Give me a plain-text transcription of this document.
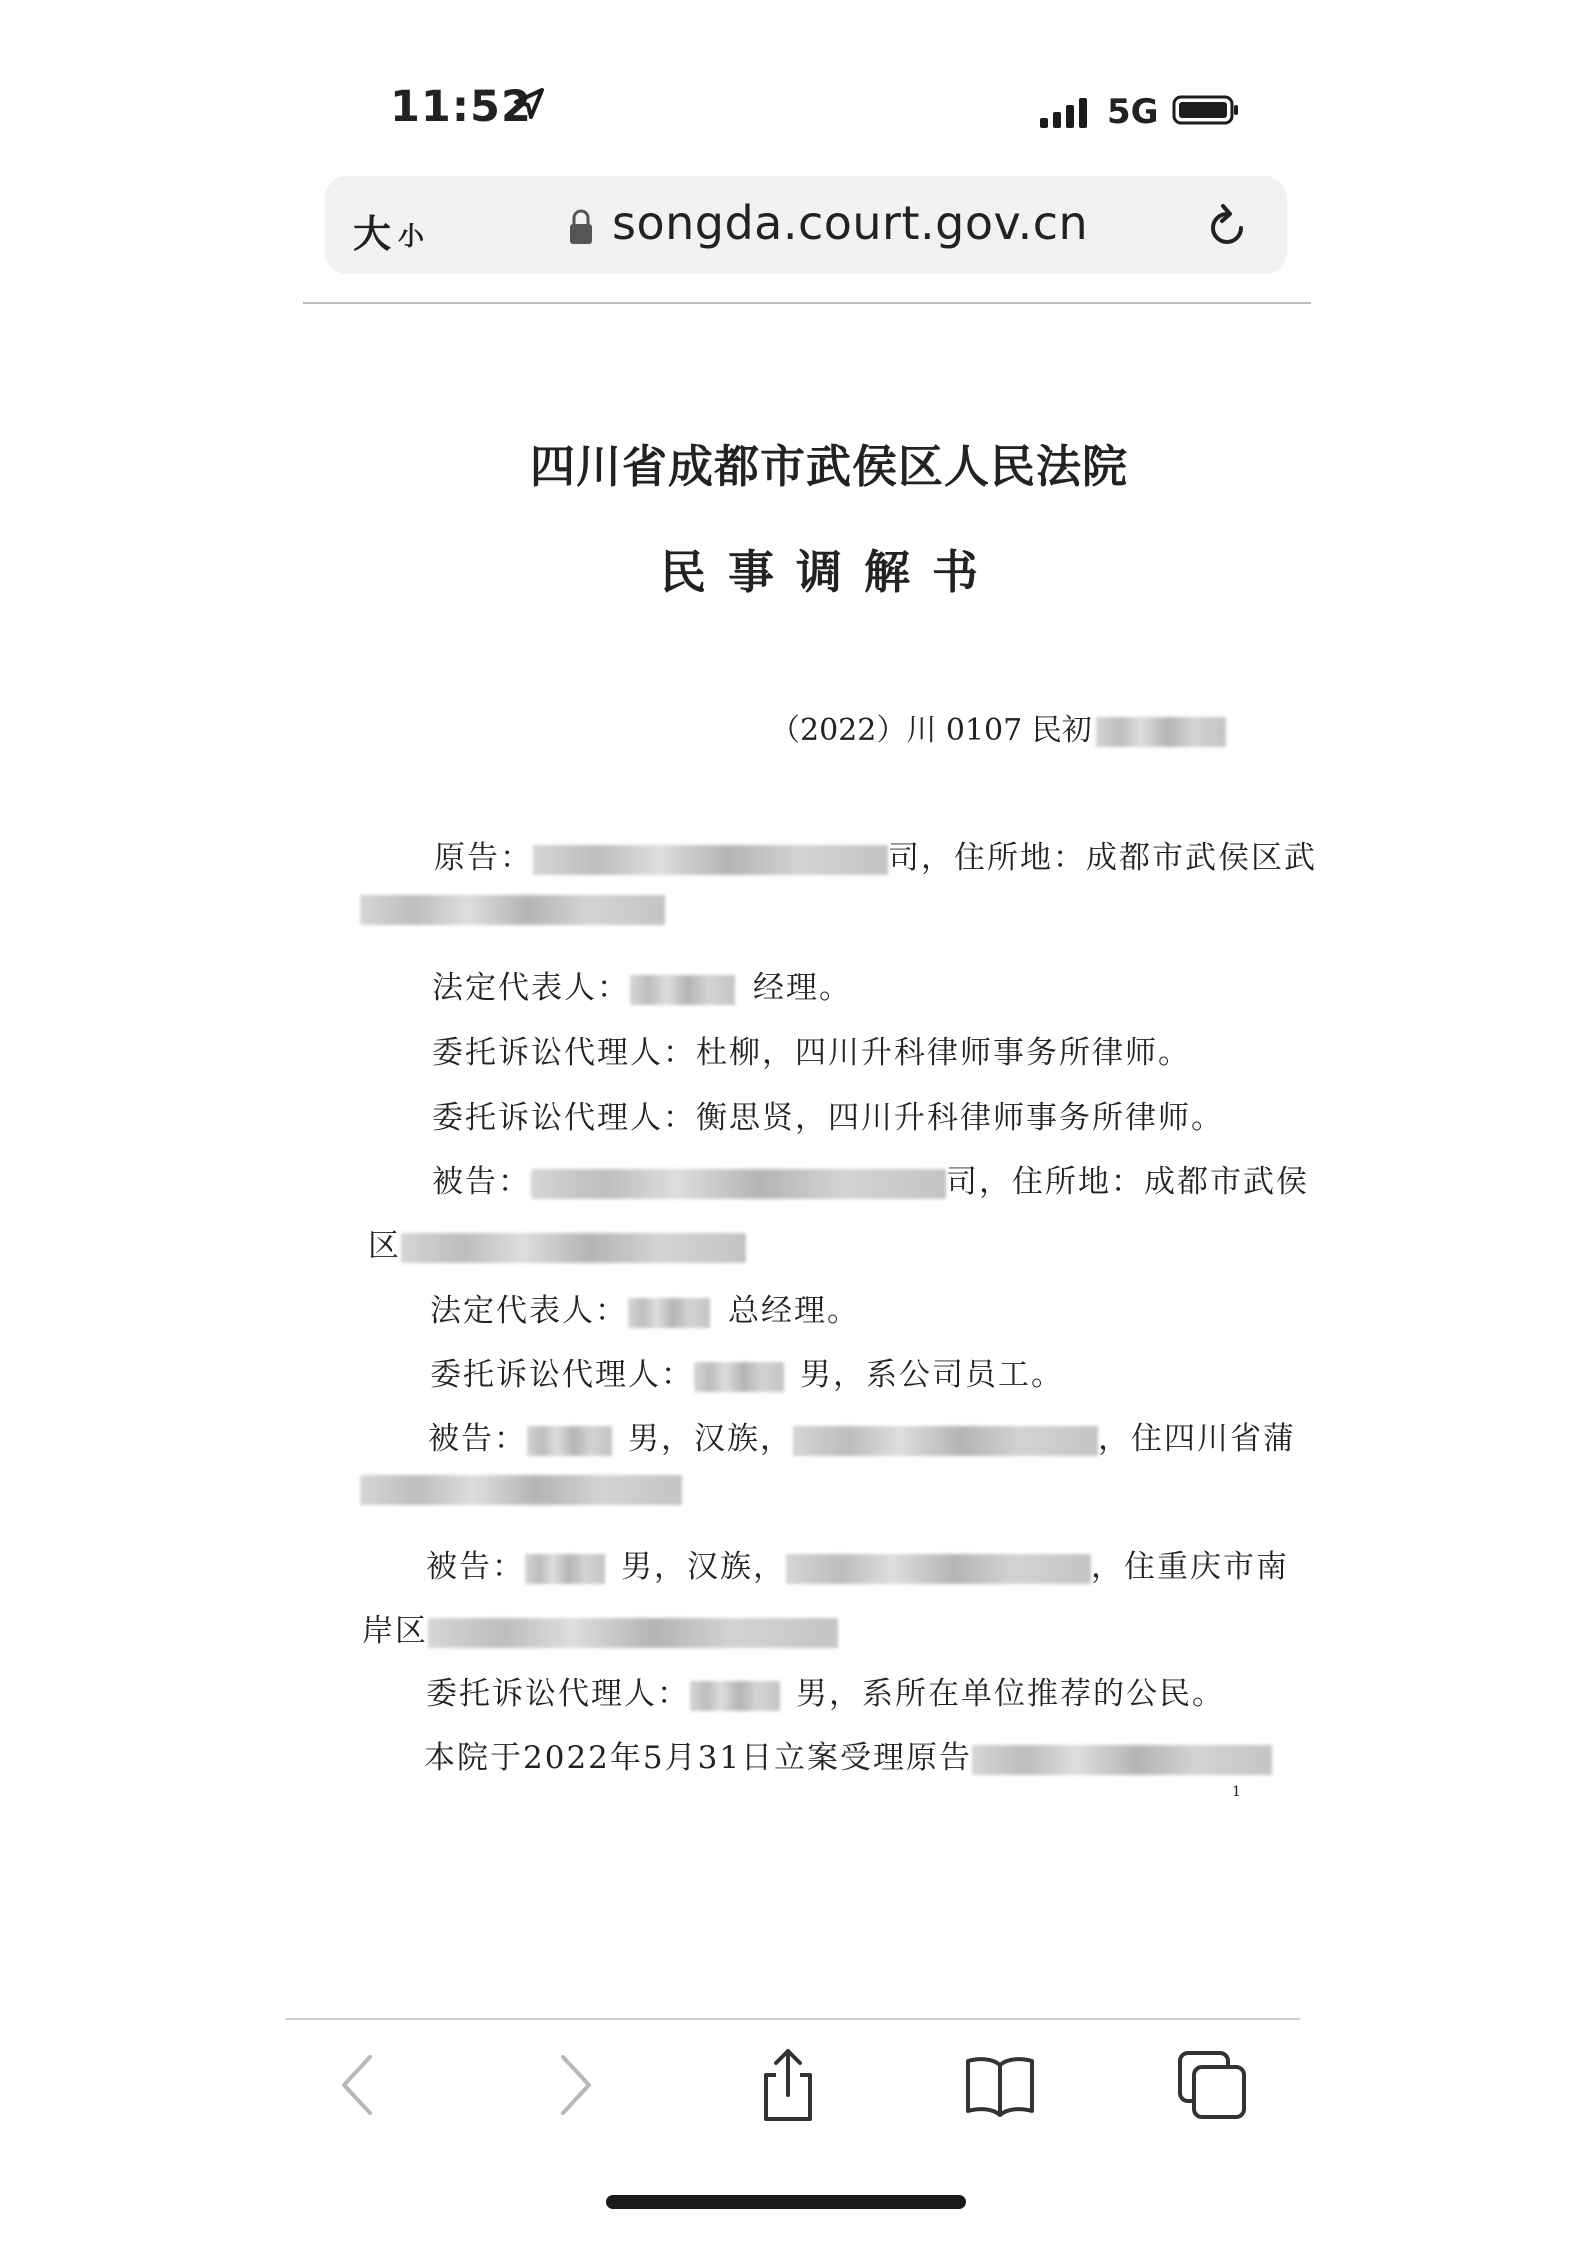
11:52	5G
大 小	songda.court.gov.cn
四川省成都市武侯区人民法院
民事调解书
（2022）川 0107 民初
原告：	司，住所地：成都市武侯区武
法定代表人：	经理。
委托诉讼代理人：杜柳，四川升科律师事务所律师。
委托诉讼代理人：衡思贤，四川升科律师事务所律师。
被告：	司，住所地：成都市武侯
区
法定代表人：	总经理。
委托诉讼代理人：	男，系公司员工。
被告：	男，汉族，	，住四川省蒲
被告：	男，汉族，	，住重庆市南
岸区
委托诉讼代理人：	男，系所在单位推荐的公民。
本院于2022年5月31日立案受理原告
1
